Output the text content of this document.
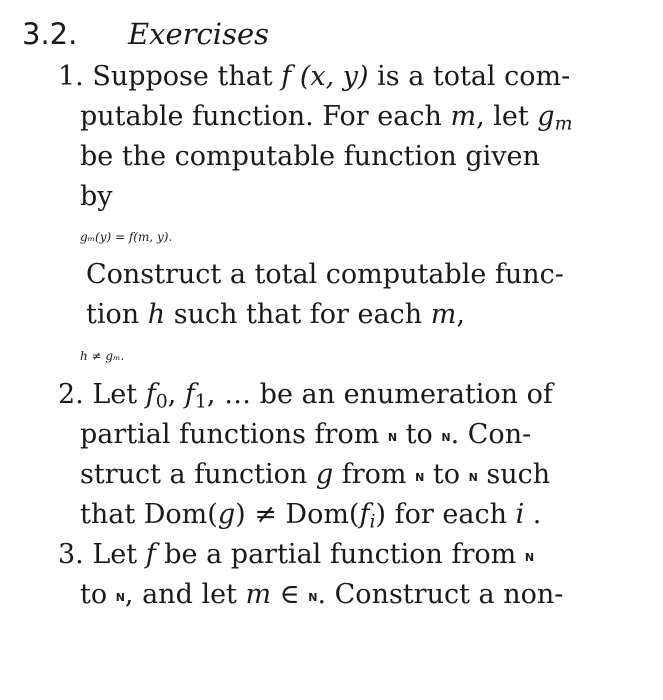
3.2. Exercises
1. Suppose that f (x, y) is a total com-
putable function. For each m, let $g_m$
be the computable function given
by
gₘ(y) = f(m, y).
Construct a total computable func-
tion h such that for each m,
h ≠ gₘ.
2. Let $f_0$, $f_1$, … be an enumeration of
partial functions from N to N. Con-
struct a function g from N to N such
that $Dom(g) \ne Dom(f_i)$ for each i .
3. Let f be a partial function from N
to N, and let m ∈ N. Construct a non-
